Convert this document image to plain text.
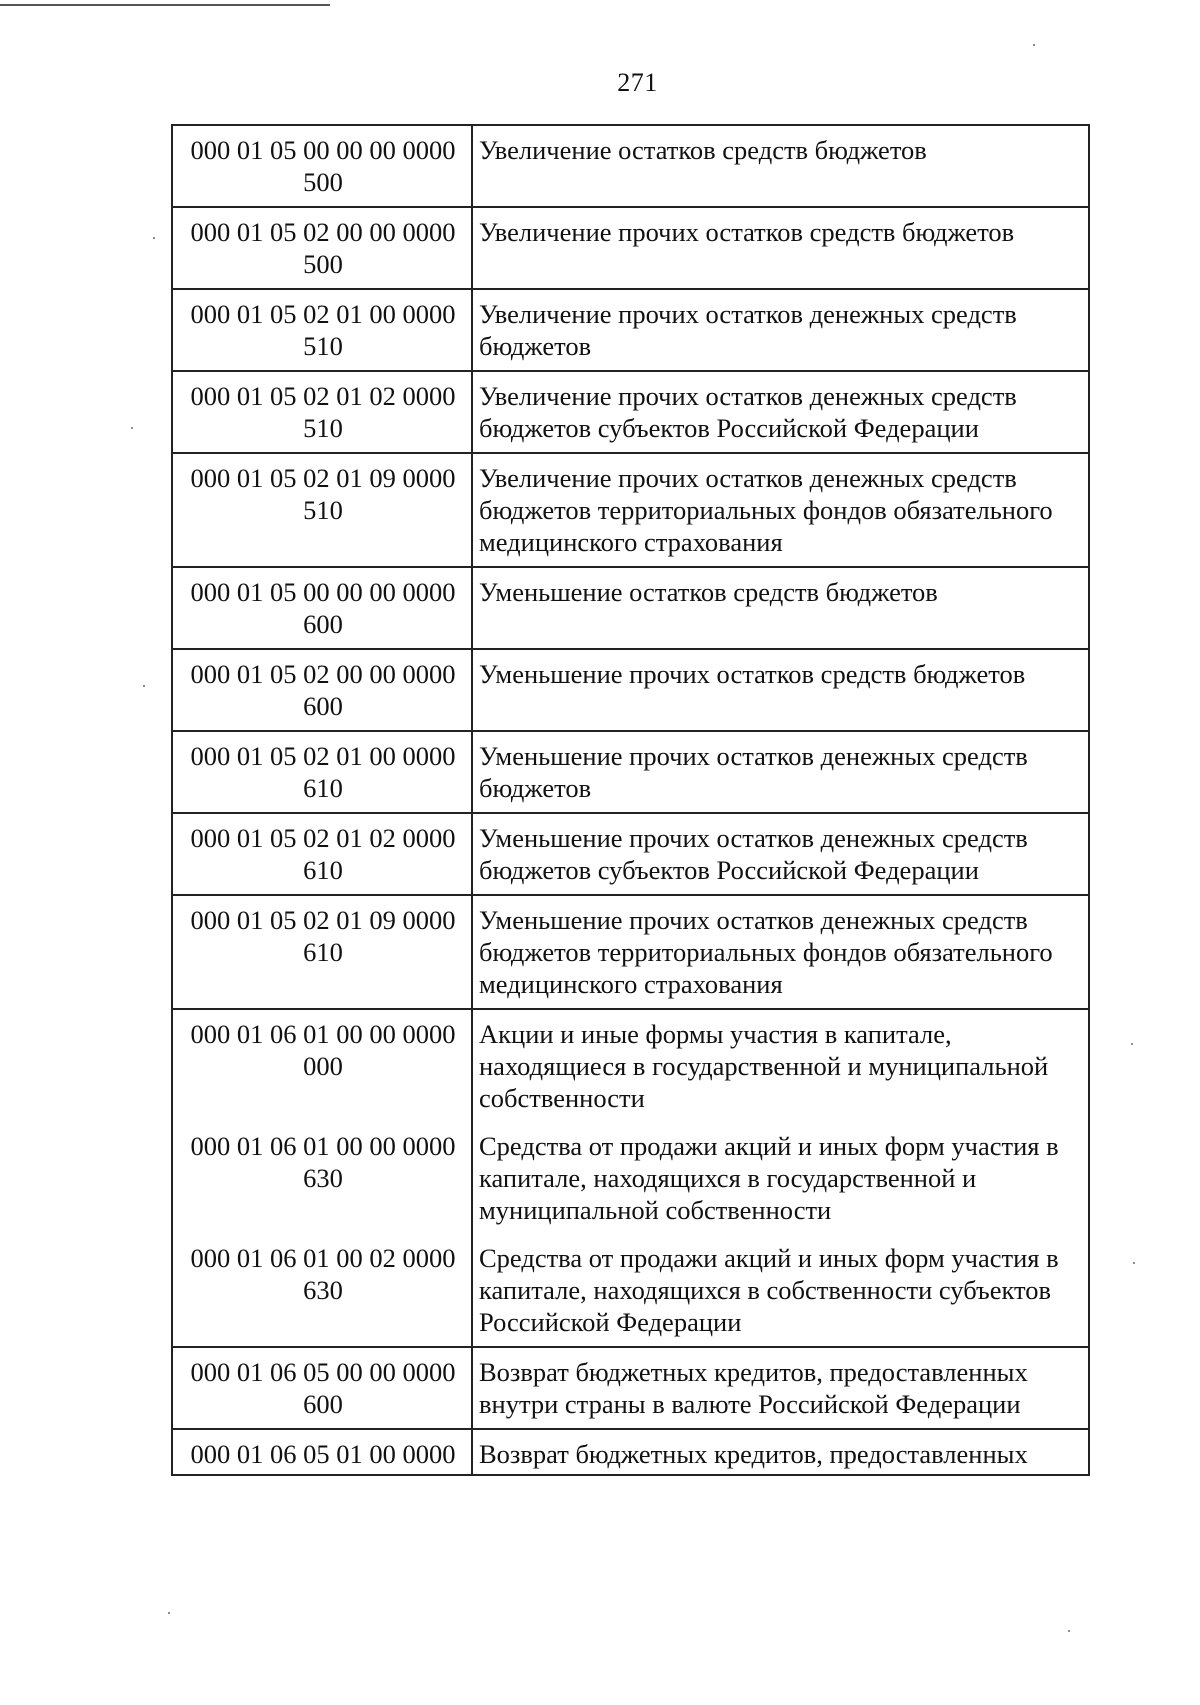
271
000 01 05 00 00 00 0000
500	Увеличение остатков средств бюджетов
000 01 05 02 00 00 0000
500	Увеличение прочих остатков средств бюджетов
000 01 05 02 01 00 0000
510	Увеличение прочих остатков денежных средств бюджетов
000 01 05 02 01 02 0000
510	Увеличение прочих остатков денежных средств бюджетов субъектов Российской Федерации
000 01 05 02 01 09 0000
510	Увеличение прочих остатков денежных средств бюджетов территориальных фондов обязательного медицинского страхования
000 01 05 00 00 00 0000
600	Уменьшение остатков средств бюджетов
000 01 05 02 00 00 0000
600	Уменьшение прочих остатков средств бюджетов
000 01 05 02 01 00 0000
610	Уменьшение прочих остатков денежных средств бюджетов
000 01 05 02 01 02 0000
610	Уменьшение прочих остатков денежных средств бюджетов субъектов Российской Федерации
000 01 05 02 01 09 0000
610	Уменьшение прочих остатков денежных средств бюджетов территориальных фондов обязательного медицинского страхования
000 01 06 01 00 00 0000
000	Акции и иные формы участия в капитале, находящиеся в государственной и муниципальной собственности
000 01 06 01 00 00 0000
630	Средства от продажи акций и иных форм участия в капитале, находящихся в государственной и муниципальной собственности
000 01 06 01 00 02 0000
630	Средства от продажи акций и иных форм участия в капитале, находящихся в собственности субъектов Российской Федерации
000 01 06 05 00 00 0000
600	Возврат бюджетных кредитов, предоставленных внутри страны в валюте Российской Федерации
000 01 06 05 01 00 0000	Возврат бюджетных кредитов, предоставленных
